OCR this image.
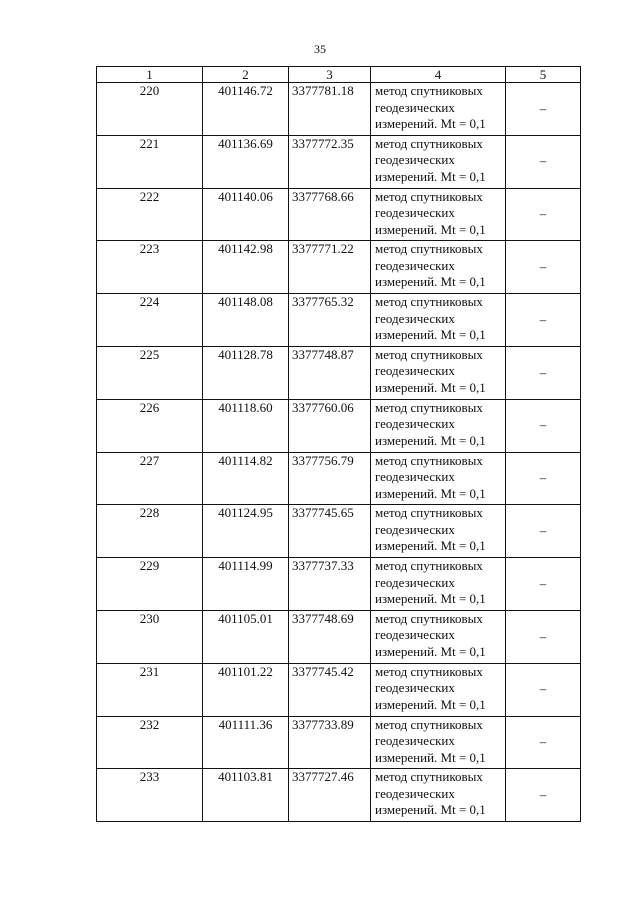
35
1	2	3	4	5
220	401146.72	3377781.18	метод спутниковых
геодезических
измерений. Mt = 0,1	–
221	401136.69	3377772.35	метод спутниковых
геодезических
измерений. Mt = 0,1	–
222	401140.06	3377768.66	метод спутниковых
геодезических
измерений. Mt = 0,1	–
223	401142.98	3377771.22	метод спутниковых
геодезических
измерений. Mt = 0,1	–
224	401148.08	3377765.32	метод спутниковых
геодезических
измерений. Mt = 0,1	–
225	401128.78	3377748.87	метод спутниковых
геодезических
измерений. Mt = 0,1	–
226	401118.60	3377760.06	метод спутниковых
геодезических
измерений. Mt = 0,1	–
227	401114.82	3377756.79	метод спутниковых
геодезических
измерений. Mt = 0,1	–
228	401124.95	3377745.65	метод спутниковых
геодезических
измерений. Mt = 0,1	–
229	401114.99	3377737.33	метод спутниковых
геодезических
измерений. Mt = 0,1	–
230	401105.01	3377748.69	метод спутниковых
геодезических
измерений. Mt = 0,1	–
231	401101.22	3377745.42	метод спутниковых
геодезических
измерений. Mt = 0,1	–
232	401111.36	3377733.89	метод спутниковых
геодезических
измерений. Mt = 0,1	–
233	401103.81	3377727.46	метод спутниковых
геодезических
измерений. Mt = 0,1	–
